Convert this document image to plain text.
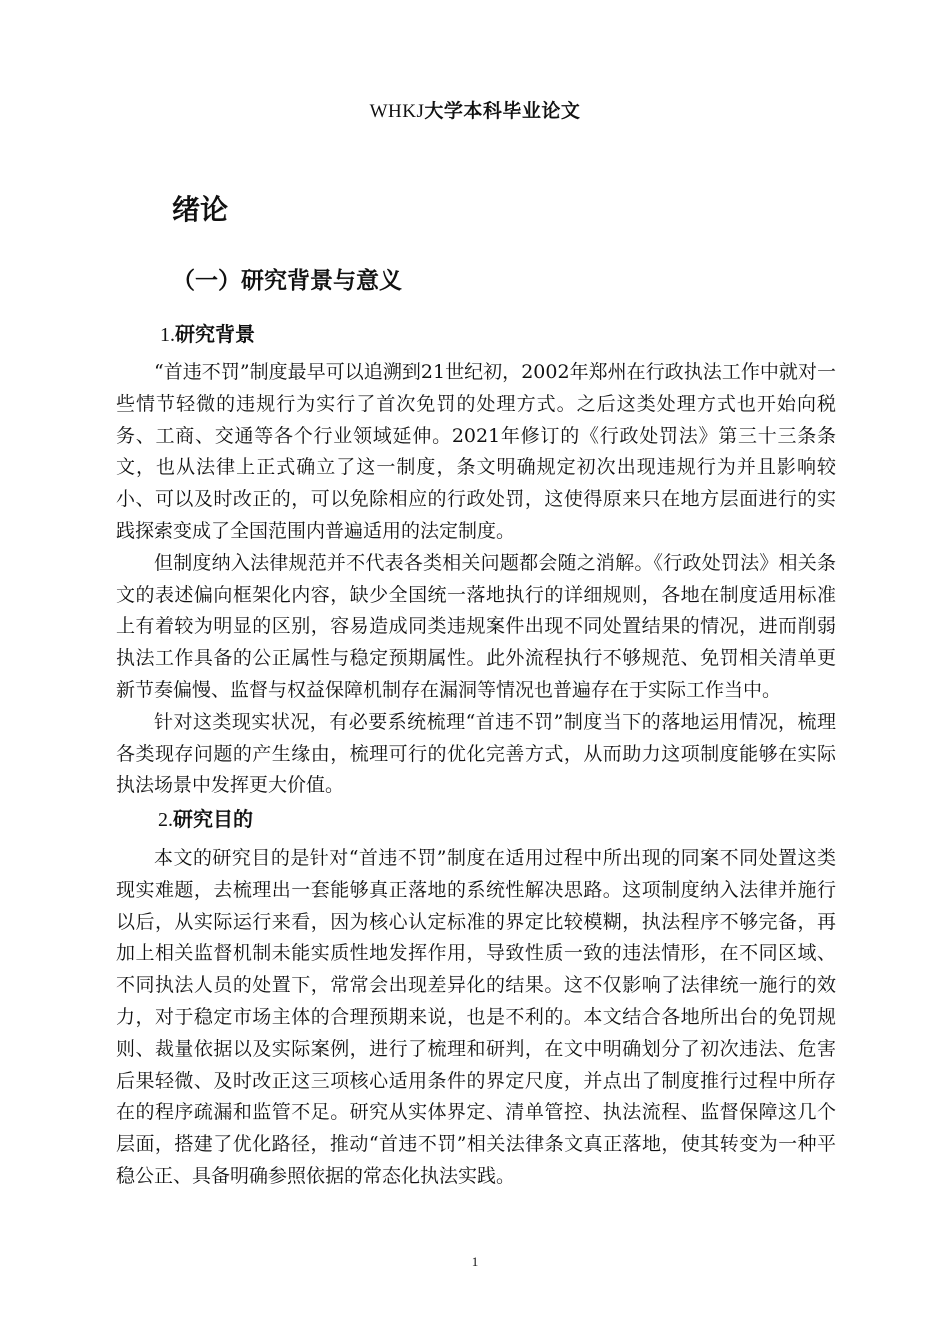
WHKJ大学本科毕业论文
绪论
（一）研究背景与意义
1.研究背景

“首违不罚”制度最早可以追溯到21世纪初，2002年郑州在行政执法工作中就对一些情节轻微的违规行为实行了首次免罚的处理方式。之后这类处理方式也开始向税务、工商、交通等各个行业领域延伸。2021年修订的《行政处罚法》第三十三条条文，也从法律上正式确立了这一制度，条文明确规定初次出现违规行为并且影响较小、可以及时改正的，可以免除相应的行政处罚，这使得原来只在地方层面进行的实践探索变成了全国范围内普遍适用的法定制度。

但制度纳入法律规范并不代表各类相关问题都会随之消解。《行政处罚法》相关条文的表述偏向框架化内容，缺少全国统一落地执行的详细规则，各地在制度适用标准上有着较为明显的区别，容易造成同类违规案件出现不同处置结果的情况，进而削弱执法工作具备的公正属性与稳定预期属性。此外流程执行不够规范、免罚相关清单更新节奏偏慢、监督与权益保障机制存在漏洞等情况也普遍存在于实际工作当中。

针对这类现实状况，有必要系统梳理“首违不罚”制度当下的落地运用情况，梳理各类现存问题的产生缘由，梳理可行的优化完善方式，从而助力这项制度能够在实际执法场景中发挥更大价值。

2.研究目的

本文的研究目的是针对“首违不罚”制度在适用过程中所出现的同案不同处置这类现实难题，去梳理出一套能够真正落地的系统性解决思路。这项制度纳入法律并施行以后，从实际运行来看，因为核心认定标准的界定比较模糊，执法程序不够完备，再加上相关监督机制未能实质性地发挥作用，导致性质一致的违法情形，在不同区域、不同执法人员的处置下，常常会出现差异化的结果。这不仅影响了法律统一施行的效力，对于稳定市场主体的合理预期来说，也是不利的。本文结合各地所出台的免罚规则、裁量依据以及实际案例，进行了梳理和研判，在文中明确划分了初次违法、危害后果轻微、及时改正这三项核心适用条件的界定尺度，并点出了制度推行过程中所存在的程序疏漏和监管不足。研究从实体界定、清单管控、执法流程、监督保障这几个层面，搭建了优化路径，推动“首违不罚”相关法律条文真正落地，使其转变为一种平稳公正、具备明确参照依据的常态化执法实践。

1
